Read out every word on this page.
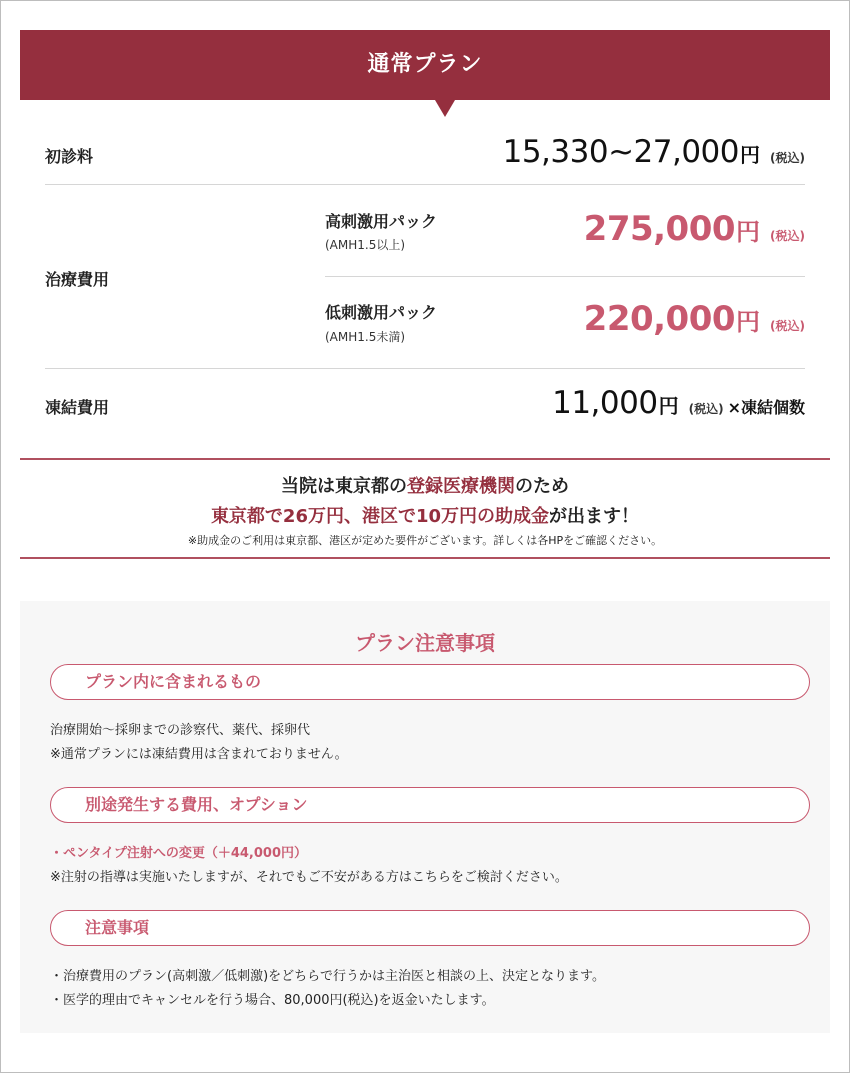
通常プラン
初診料	15,330~27,000 円 (税込)
治療費用
高刺激用パック
(AMH1.5以上)	275,000 円 (税込)
低刺激用パック
(AMH1.5未満)	220,000 円 (税込)
凍結費用	11,000 円 (税込) ×凍結個数
当院は東京都の登録医療機関のため
東京都で26万円、港区で10万円の助成金が出ます！
※助成金のご利用は東京都、港区が定めた要件がございます。詳しくは各HPをご確認ください。
プラン注意事項
プラン内に含まれるもの
治療開始〜採卵までの診察代、薬代、採卵代
※通常プランには凍結費用は含まれておりません。
別途発生する費用、オプション
・ペンタイプ注射への変更（＋44,000円）
※注射の指導は実施いたしますが、それでもご不安がある方はこちらをご検討ください。
注意事項
・治療費用のプラン(高刺激／低刺激)をどちらで行うかは主治医と相談の上、決定となります。
・医学的理由でキャンセルを行う場合、80,000円(税込)を返金いたします。
